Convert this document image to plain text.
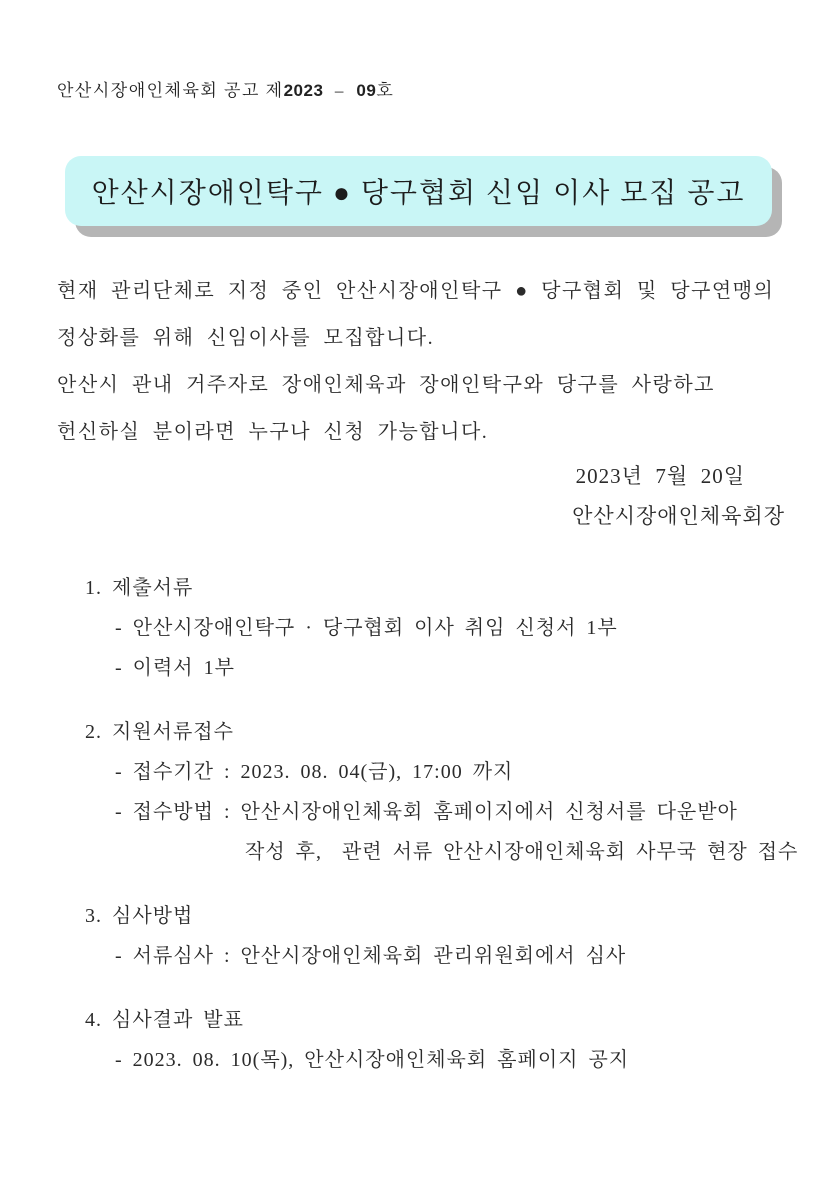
안산시장애인체육회 공고 제2023  –  09호
안산시장애인탁구 ● 당구협회 신임 이사 모집 공고
현재 관리단체로 지정 중인 안산시장애인탁구 ● 당구협회 및 당구연맹의
정상화를 위해 신임이사를 모집합니다.
안산시 관내 거주자로 장애인체육과 장애인탁구와 당구를 사랑하고
헌신하실 분이라면 누구나 신청 가능합니다.
2023년  7월  20일
안산시장애인체육회장
1. 제출서류
- 안산시장애인탁구 · 당구협회 이사 취임 신청서 1부
- 이력서 1부
2. 지원서류접수
- 접수기간 : 2023. 08. 04(금), 17:00 까지
- 접수방법 : 안산시장애인체육회 홈페이지에서 신청서를 다운받아
작성 후,  관련 서류 안산시장애인체육회 사무국 현장 접수
3. 심사방법
- 서류심사 : 안산시장애인체육회 관리위원회에서 심사
4. 심사결과 발표
- 2023. 08. 10(목), 안산시장애인체육회 홈페이지 공지
